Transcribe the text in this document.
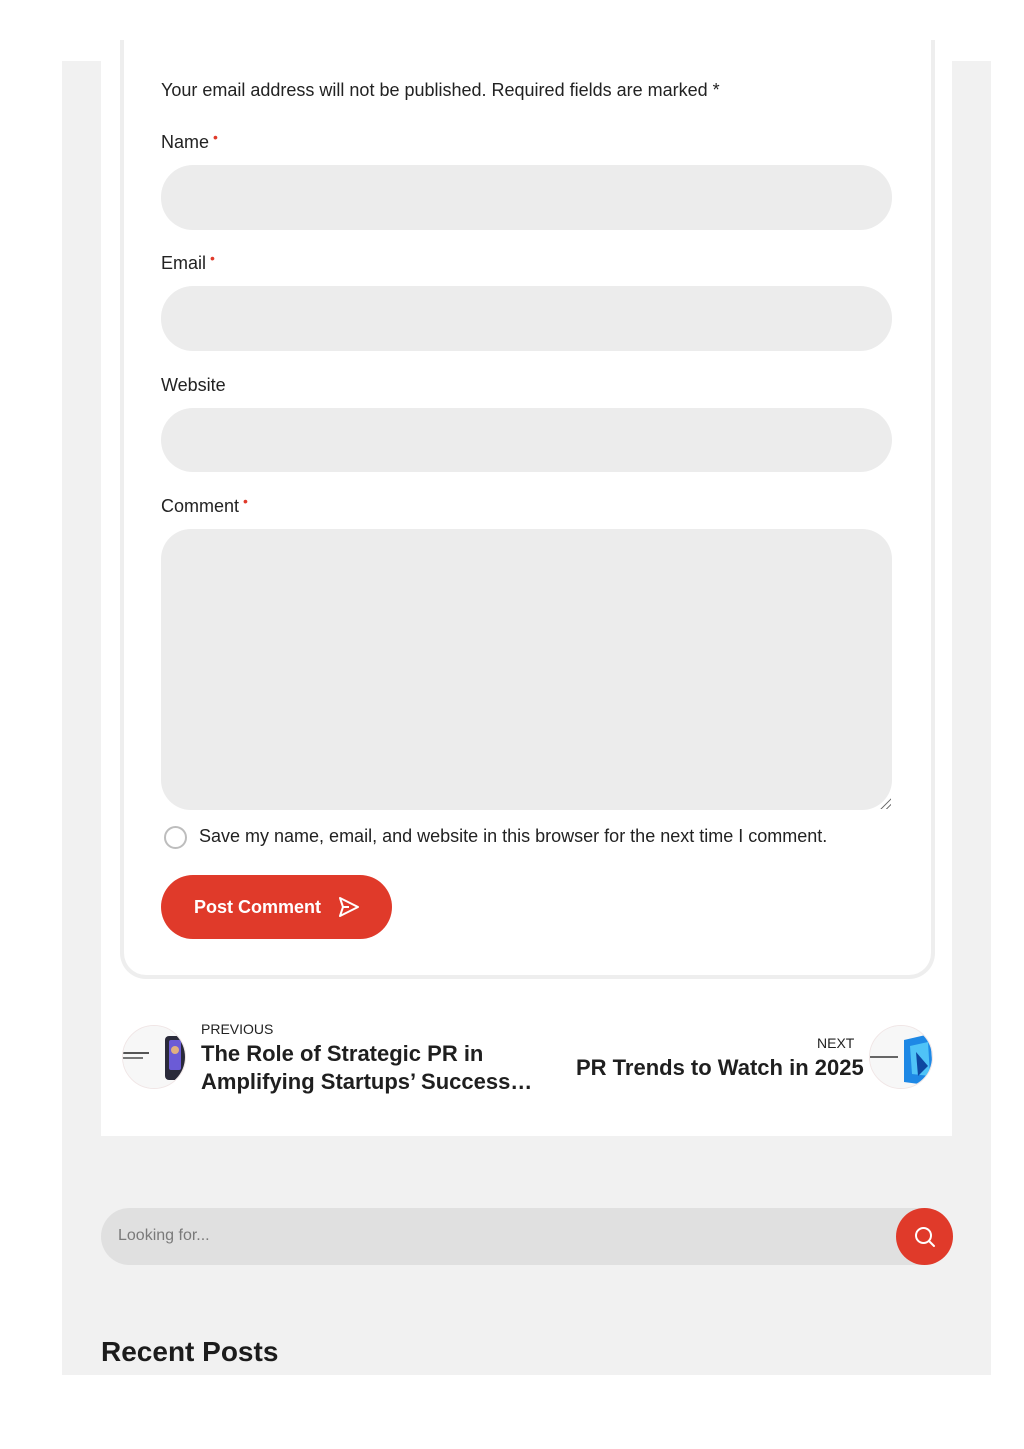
Your email address will not be published. Required fields are marked *
Name •
Email •
Website
Comment •
Save my name, email, and website in this browser for the next time I comment.
Post Comment
PREVIOUS
The Role of Strategic PR in
Amplifying Startups’ Success…
NEXT
PR Trends to Watch in 2025
Looking for...
Recent Posts
